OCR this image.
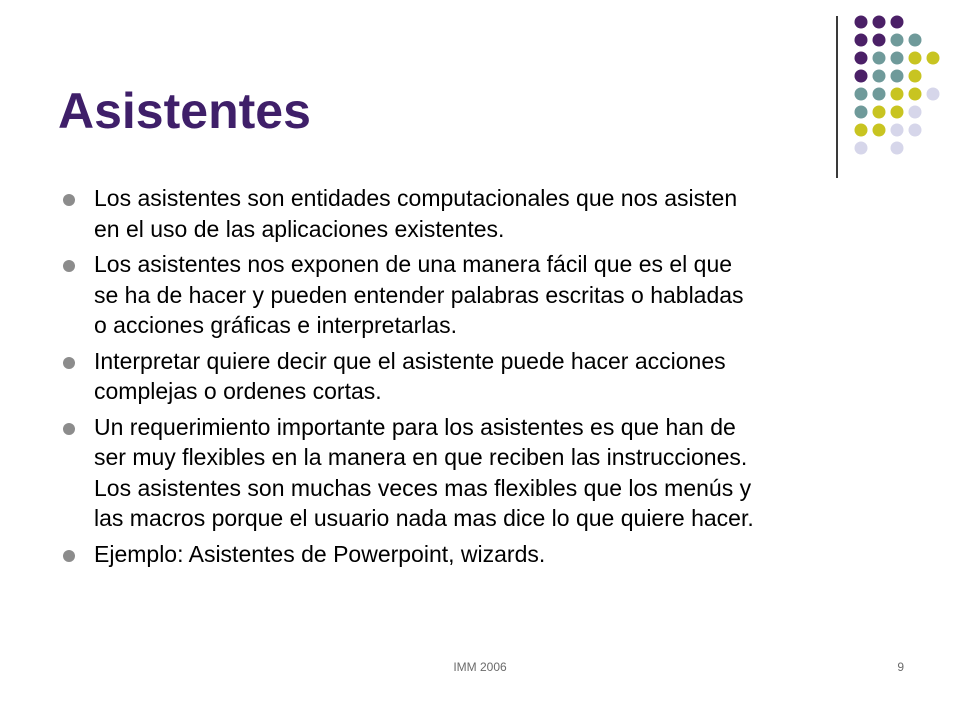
Asistentes
Los asistentes son entidades computacionales que nos asisten
en el uso de las aplicaciones existentes.
Los asistentes nos exponen de una manera fácil que es el que
se ha de hacer y pueden entender palabras escritas o habladas
o acciones gráficas e interpretarlas.
Interpretar quiere decir que el asistente puede hacer acciones
complejas o ordenes cortas.
Un requerimiento importante para los asistentes es que han de
ser muy flexibles en la manera en que reciben las instrucciones.
Los asistentes son muchas veces mas flexibles que los menús y
las macros porque el usuario nada mas dice lo que quiere hacer.
Ejemplo: Asistentes de Powerpoint, wizards.
IMM 2006	9
